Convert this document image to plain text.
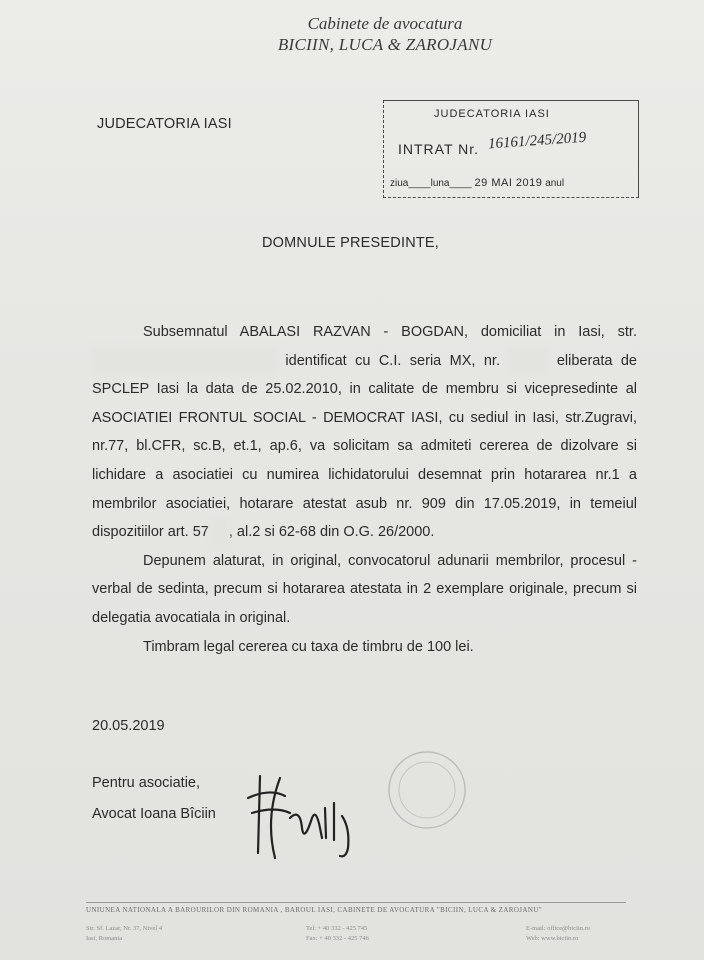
Cabinete de avocatura
BICIIN, LUCA & ZAROJANU
JUDECATORIA IASI
JUDECATORIA IASI
INTRAT Nr. 16161/245/2019
ziua____luna____ 29 MAI 2019 anul
DOMNULE PRESEDINTE,

Subsemnatul ABALASI RAZVAN - BOGDAN, domiciliat in Iasi, str.   identificat cu C.I. seria MX, nr.	eliberata de SPCLEP Iasi la data de 25.02.2010, in calitate de membru si vicepresedinte al ASOCIATIEI FRONTUL SOCIAL - DEMOCRAT IASI, cu sediul in Iasi, str.Zugravi, nr.77, bl.CFR, sc.B, et.1, ap.6, va solicitam sa admiteti cererea de dizolvare si lichidare a asociatiei cu numirea lichidatorului desemnat prin hotararea nr.1 a membrilor asociatiei, hotarare atestat asub nr. 909 din 17.05.2019, in temeiul dispozitiilor art. 57 , al.2 si 62-68 din O.G. 26/2000.

Depunem alaturat, in original, convocatorul adunarii membrilor, procesul - verbal de sedinta, precum si hotararea atestata in 2 exemplare originale, precum si delegatia avocatiala in original.

Timbram legal cererea cu taxa de timbru de 100 lei.

20.05.2019
Pentru asociatie,
Avocat Ioana Bîciin
UNIUNEA NATIONALA A BAROURILOR DIN ROMANIA , BAROUL IASI, CABINETE DE AVOCATURA "BICIIN, LUCA & ZAROJANU"
Str. Sf. Lazar, Nr. 37, Nivel 4
Iasi, Romania
Tel: + 40 332 - 425 745
Fax: + 40 332 - 425 746
E-mail: office@biciin.ro
Web: www.biciin.ro
